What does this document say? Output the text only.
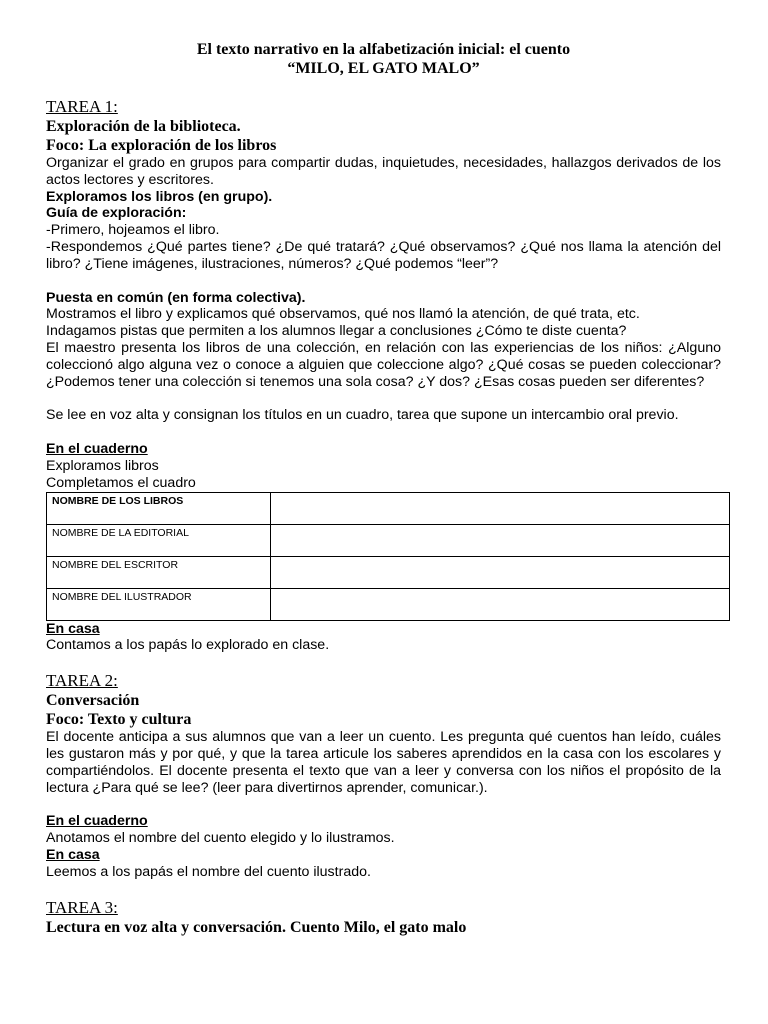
El texto narrativo en la alfabetización inicial: el cuento
“MILO, EL GATO MALO”
TAREA 1:
Exploración de la biblioteca.
Foco: La exploración de los libros
Organizar el grado en grupos para compartir dudas, inquietudes, necesidades, hallazgos derivados de los actos lectores y escritores.
Exploramos los libros (en grupo).
Guía de exploración:
-Primero, hojeamos el libro.
-Respondemos ¿Qué partes tiene? ¿De qué tratará? ¿Qué observamos? ¿Qué nos llama la atención del libro? ¿Tiene imágenes, ilustraciones, números? ¿Qué podemos “leer”?
Puesta en común (en forma colectiva).
Mostramos el libro y explicamos qué observamos, qué nos llamó la atención, de qué trata, etc.
Indagamos pistas que permiten a los alumnos llegar a conclusiones ¿Cómo te diste cuenta?
El maestro presenta los libros de una colección, en relación con las experiencias de los niños: ¿Alguno coleccionó algo alguna vez o conoce a alguien que coleccione algo? ¿Qué cosas se pueden coleccionar? ¿Podemos tener una colección si tenemos una sola cosa? ¿Y dos? ¿Esas cosas pueden ser diferentes?
Se lee en voz alta y consignan los títulos en un cuadro, tarea que supone un intercambio oral previo.
En el cuaderno
Exploramos libros
Completamos el cuadro
NOMBRE DE LOS LIBROS	
NOMBRE DE LA EDITORIAL	
NOMBRE DEL ESCRITOR	
NOMBRE DEL ILUSTRADOR	
En casa
Contamos a los papás lo explorado en clase.
TAREA 2:
Conversación
Foco: Texto y cultura
El docente anticipa a sus alumnos que van a leer un cuento. Les pregunta qué cuentos han leído, cuáles les gustaron más y por qué, y que la tarea articule los saberes aprendidos en la casa con los escolares y compartiéndolos. El docente presenta el texto que van a leer y conversa con los niños el propósito de la lectura ¿Para qué se lee? (leer para divertirnos aprender, comunicar.).
En el cuaderno
Anotamos el nombre del cuento elegido y lo ilustramos.
En casa
Leemos a los papás el nombre del cuento ilustrado.
TAREA 3:
Lectura en voz alta y conversación. Cuento Milo, el gato malo
